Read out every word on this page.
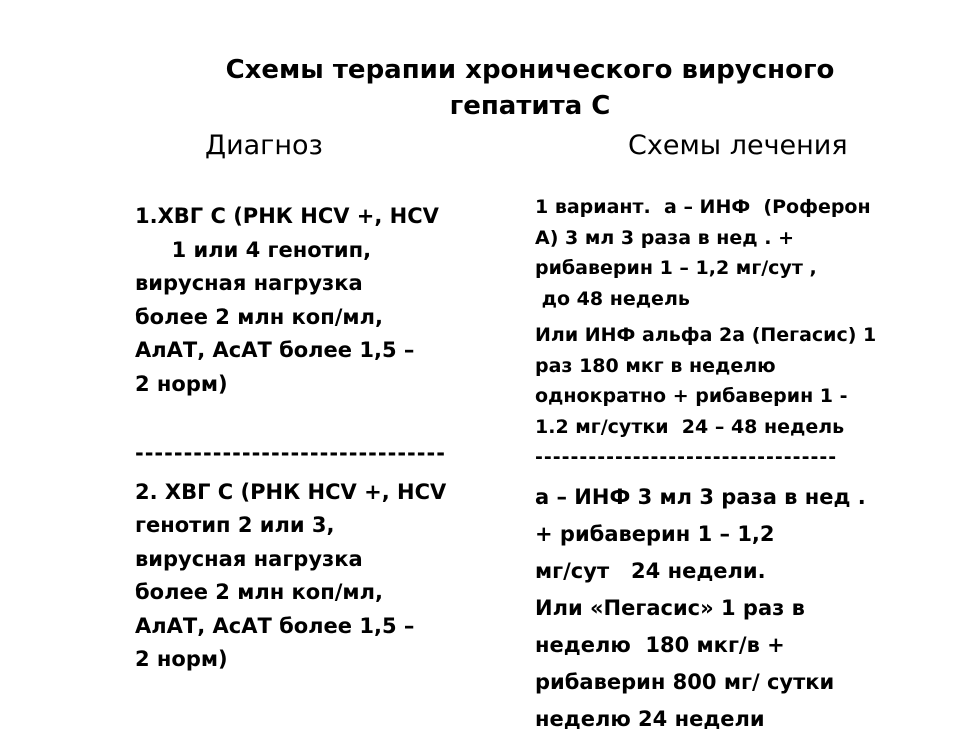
Схемы терапии хронического вирусного
гепатита С
Диагноз	Схемы лечения
1.ХВГ С (РНК HCV +, HCV
1 или 4 генотип,
вирусная нагрузка
более 2 млн коп/мл,
АлАТ, АсАТ более 1,5 –
2 норм)
--------------------------------
2. ХВГ С (РНК HCV +, HCV
генотип 2 или 3,
вирусная нагрузка
более 2 млн коп/мл,
АлАТ, АсАТ более 1,5 –
2 норм)
1 вариант.  а – ИНФ  (Роферон
А) 3 мл 3 раза в нед . +
рибаверин 1 – 1,2 мг/сут ,
до 48 недель
Или ИНФ альфа 2а (Пегасис) 1
раз 180 мкг в неделю
однократно + рибаверин 1 -
1.2 мг/сутки  24 – 48 недель
----------------------------------
а – ИНФ 3 мл 3 раза в нед .
+ рибаверин 1 – 1,2
мг/сут   24 недели.
Или «Пегасис» 1 раз в
неделю  180 мкг/в +
рибаверин 800 мг/ сутки
неделю 24 недели
